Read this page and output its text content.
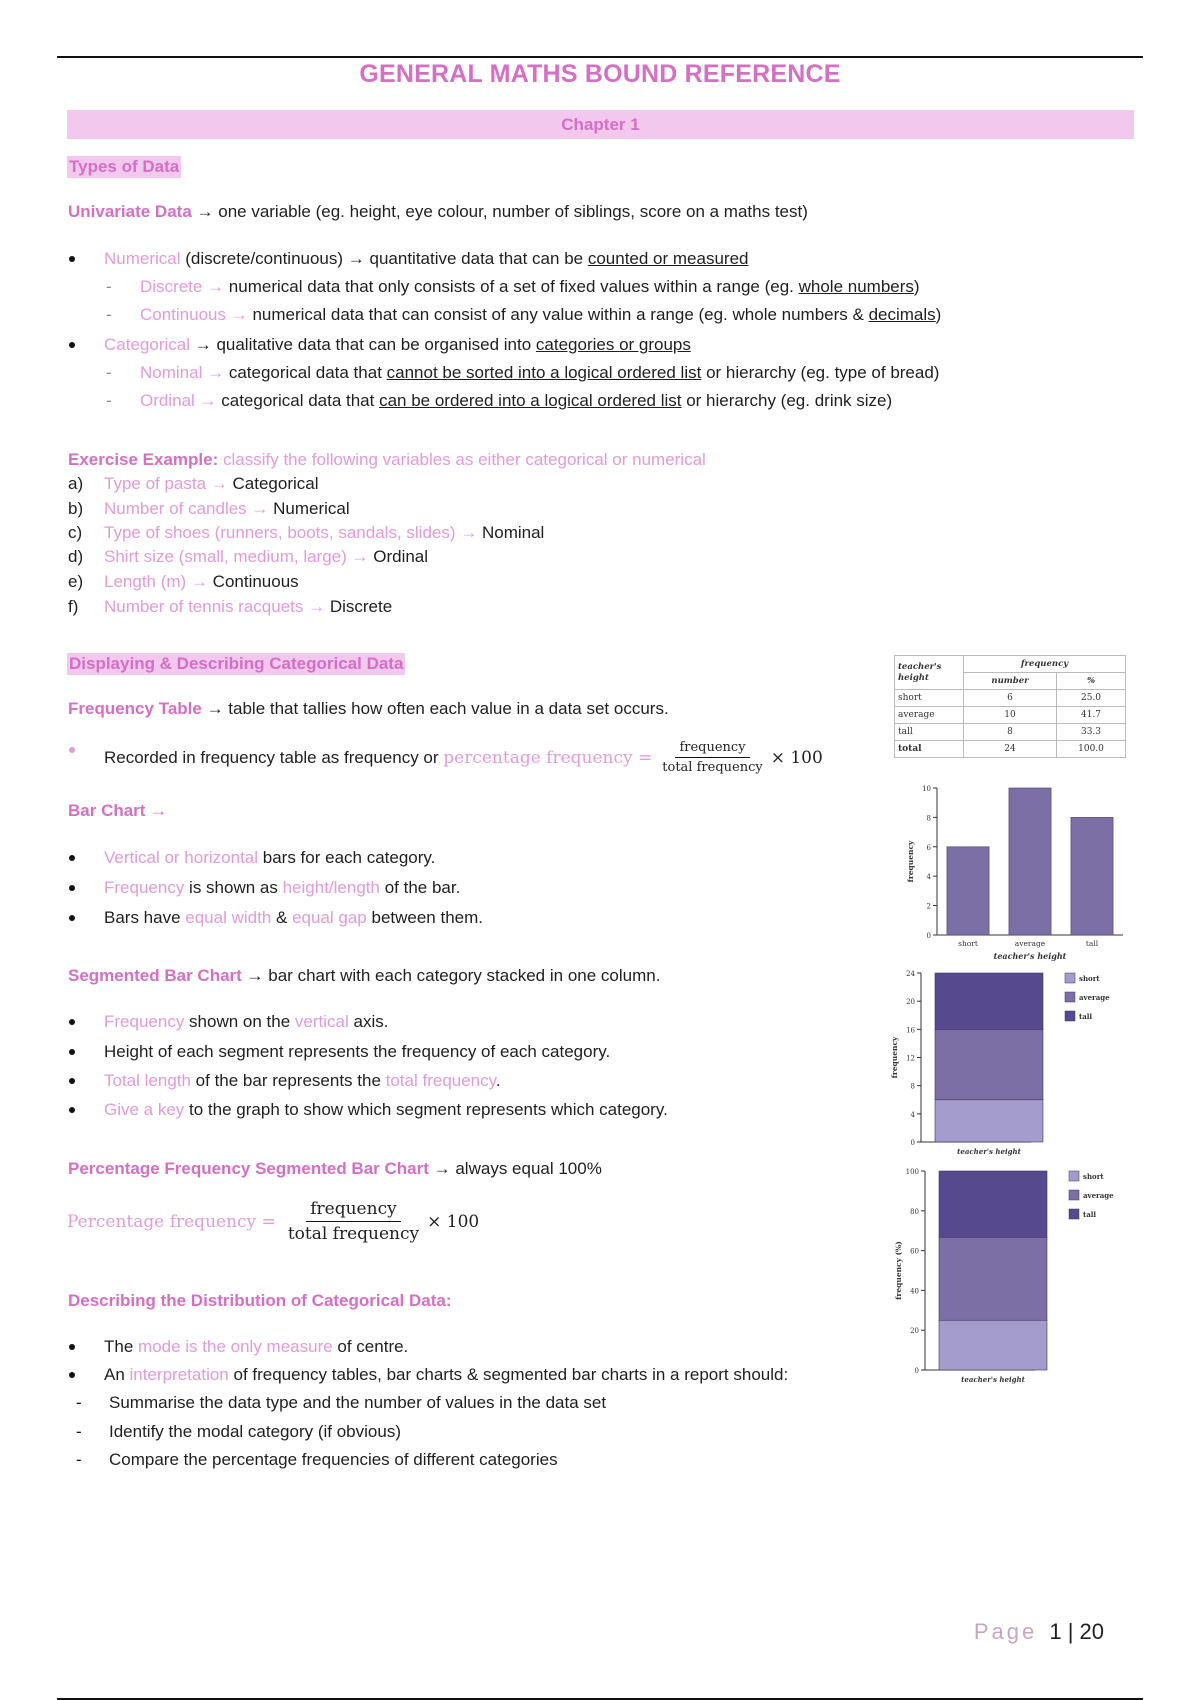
GENERAL MATHS BOUND REFERENCE
Chapter 1
Types of Data
Univariate Data → one variable (eg. height, eye colour, number of siblings, score on a maths test)
Numerical (discrete/continuous) → quantitative data that can be counted or measured
- Discrete → numerical data that only consists of a set of fixed values within a range (eg. whole numbers)
- Continuous → numerical data that can consist of any value within a range (eg. whole numbers & decimals)
Categorical → qualitative data that can be organised into categories or groups
- Nominal → categorical data that cannot be sorted into a logical ordered list or hierarchy (eg. type of bread)
- Ordinal → categorical data that can be ordered into a logical ordered list or hierarchy (eg. drink size)
Exercise Example: classify the following variables as either categorical or numerical
a) Type of pasta → Categorical
b) Number of candles → Numerical
c) Type of shoes (runners, boots, sandals, slides) → Nominal
d) Shirt size (small, medium, large) → Ordinal
e) Length (m) → Continuous
f) Number of tennis racquets → Discrete
Displaying & Describing Categorical Data
Frequency Table → table that tallies how often each value in a data set occurs.
Recorded in frequency table as frequency or percentage frequency = $\frac{\text{frequency}}{\text{total frequency}} \times 100$
Bar Chart →
Vertical or horizontal bars for each category.
Frequency is shown as height/length of the bar.
Bars have equal width & equal gap between them.
Segmented Bar Chart → bar chart with each category stacked in one column.
Frequency shown on the vertical axis.
Height of each segment represents the frequency of each category.
Total length of the bar represents the total frequency.
Give a key to the graph to show which segment represents which category.
Percentage Frequency Segmented Bar Chart → always equal 100%
Percentage frequency = $\frac{\text{frequency}}{\text{total frequency}} \times 100$
Describing the Distribution of Categorical Data:
The mode is the only measure of centre.
An interpretation of frequency tables, bar charts & segmented bar charts in a report should:
- Summarise the data type and the number of values in the data set
- Identify the modal category (if obvious)
- Compare the percentage frequencies of different categories
teacher's height	frequency	
	number	%
short	6	25.0
average	10	41.7
tall	8	33.3
total	24	100.0
0
2
4
6
8
10
frequency
short	average	tall
teacher's height
0
4
8
12
16
20
24
frequency
teacher's height
short
average
tall
0
20
40
60
80
100
frequency (%)
teacher's height
short
average
tall
Page 1 | 20
